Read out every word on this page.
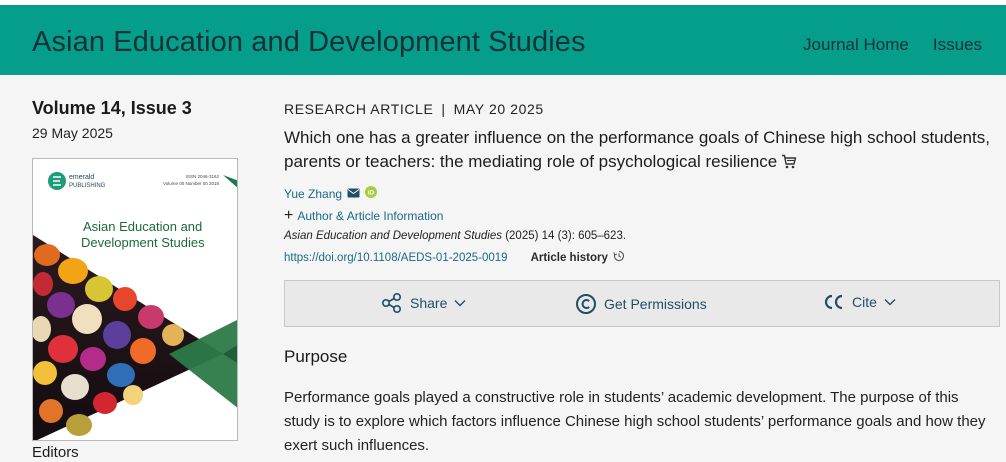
Asian Education and Development Studies	Journal Home Issues
Volume 14, Issue 3
29 May 2025
emerald
PUBLISHING
ISSN 2046-3162
Volume 00 Number 00 2018
Asian Education and
Development Studies
Editors
RESEARCH ARTICLE | MAY 20 2025
Which one has a greater influence on the performance goals of Chinese high school students, parents or teachers: the mediating role of psychological resilience
Yue Zhang	iD
+ Author & Article Information
Asian Education and Development Studies (2025) 14 (3): 605–623.
https://doi.org/10.1108/AEDS-01-2025-0019 Article history
Share	Get Permissions	Cite
Purpose
Performance goals played a constructive role in students’ academic development. The purpose of this study is to explore which factors influence Chinese high school students’ performance goals and how they exert such influences.
